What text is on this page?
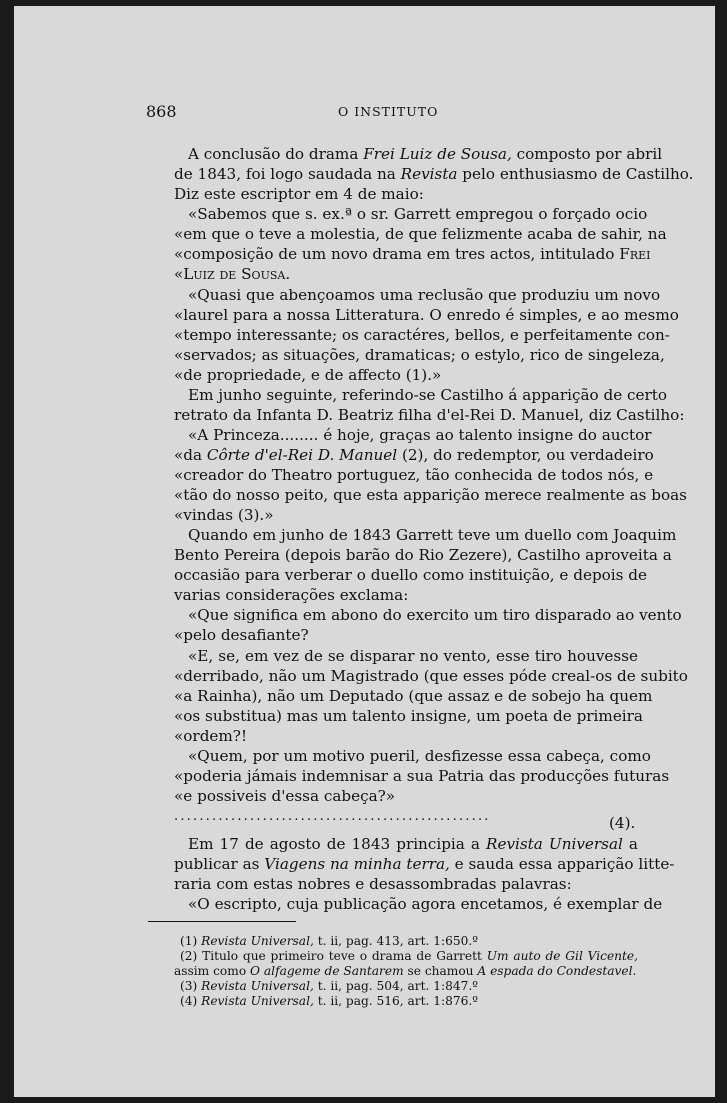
868	O INSTITUTO

A conclusão do drama Frei Luiz de Sousa, composto por abril

de 1843, foi logo saudada na Revista pelo enthusiasmo de Castilho.

Diz este escriptor em 4 de maio:

«Sabemos que s. ex.ª o sr. Garrett empregou o forçado ocio

«em que o teve a molestia, de que felizmente acaba de sahir, na

«composição de um novo drama em tres actos, intitulado Frei

«Luiz de Sousa.

«Quasi que abençoamos uma reclusão que produziu um novo

«laurel para a nossa Litteratura. O enredo é simples, e ao mesmo

«tempo interessante; os caractéres, bellos, e perfeitamente con-

«servados; as situações, dramaticas; o estylo, rico de singeleza,

«de propriedade, e de affecto (1).»

Em junho seguinte, referindo-se Castilho á apparição de certo

retrato da Infanta D. Beatriz filha d'el-Rei D. Manuel, diz Castilho:

«A Princeza........ é hoje, graças ao talento insigne do auctor

«da Côrte d'el-Rei D. Manuel (2), do redemptor, ou verdadeiro

«creador do Theatro portuguez, tão conhecida de todos nós, e

«tão do nosso peito, que esta apparição merece realmente as boas

«vindas (3).»

Quando em junho de 1843 Garrett teve um duello com Joaquim

Bento Pereira (depois barão do Rio Zezere), Castilho aproveita a

occasião para verberar o duello como instituição, e depois de

varias considerações exclama:

«Que significa em abono do exercito um tiro disparado ao vento

«pelo desafiante?

«E, se, em vez de se disparar no vento, esse tiro houvesse

«derribado, não um Magistrado (que esses póde creal-os de subito

«a Rainha), não um Deputado (que assaz e de sobejo ha quem

«os substitua) mas um talento insigne, um poeta de primeira

«ordem?!

«Quem, por um motivo pueril, desfizesse essa cabeça, como

«poderia jámais indemnisar a sua Patria das producções futuras

«e possiveis d'essa cabeça?»

..................................................	(4).

Em 17 de agosto de 1843 principia a Revista Universal a

publicar as Viagens na minha terra, e sauda essa apparição litte-

raria com estas nobres e desassombradas palavras:

«O escripto, cuja publicação agora encetamos, é exemplar de

(1) Revista Universal, t. ii, pag. 413, art. 1:650.º

(2) Titulo que primeiro teve o drama de Garrett Um auto de Gil Vicente,

assim como O alfageme de Santarem se chamou A espada do Condestavel.

(3) Revista Universal, t. ii, pag. 504, art. 1:847.º

(4) Revista Universal, t. ii, pag. 516, art. 1:876.º
